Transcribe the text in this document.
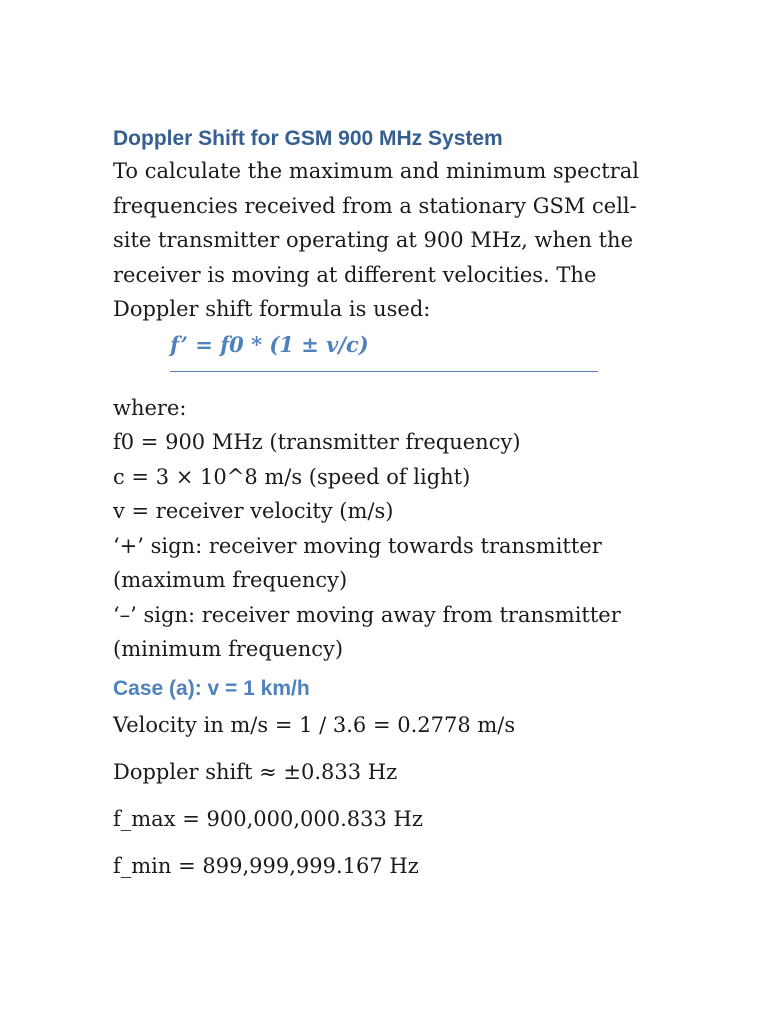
Doppler Shift for GSM 900 MHz System

To calculate the maximum and minimum spectral
frequencies received from a stationary GSM cell-
site transmitter operating at 900 MHz, when the
receiver is moving at different velocities. The
Doppler shift formula is used:

f’ = f0 * (1 ± v/c)
where:
f0 = 900 MHz (transmitter frequency)
c = 3 × 10^8 m/s (speed of light)
v = receiver velocity (m/s)
‘+’ sign: receiver moving towards transmitter
(maximum frequency)
‘–’ sign: receiver moving away from transmitter
(minimum frequency)
Case (a): v = 1 km/h
Velocity in m/s = 1 / 3.6 = 0.2778 m/s
Doppler shift ≈ ±0.833 Hz
f_max = 900,000,000.833 Hz
f_min = 899,999,999.167 Hz
